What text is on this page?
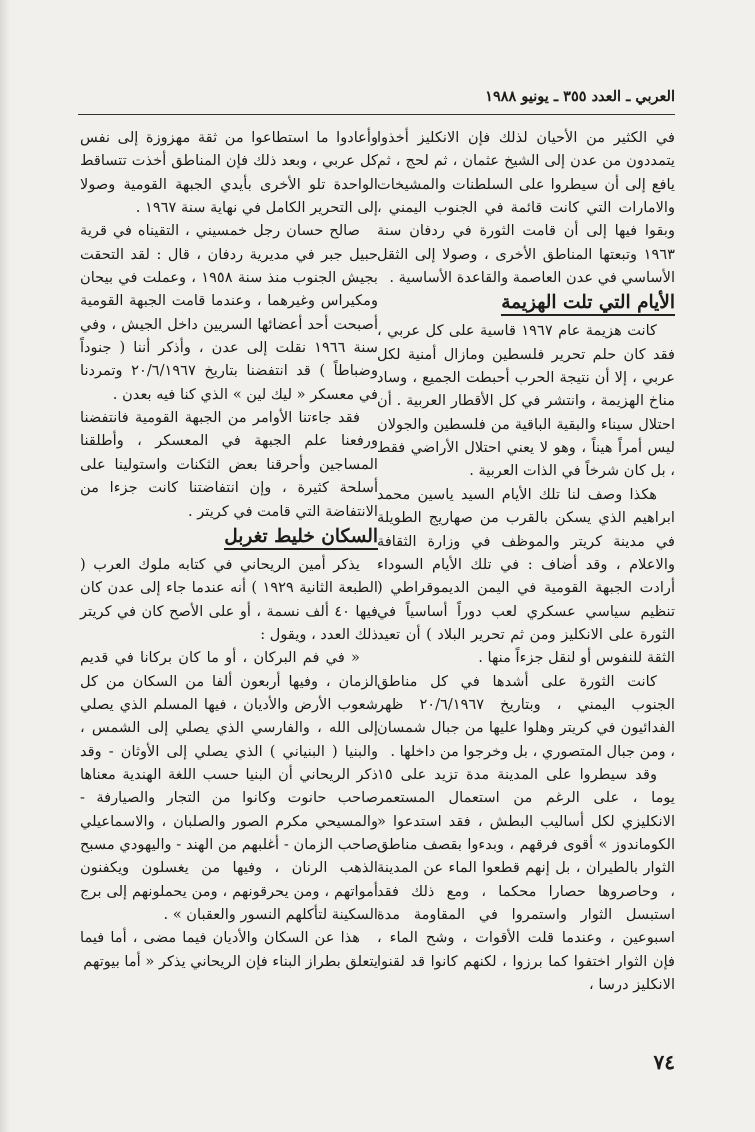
العربي ـ العدد ٣٥٥ ـ يونيو ١٩٨٨

في الكثير من الأحيان لذلك فإن الانكليز أخذوا يتمددون من عدن إلى الشيخ عثمان ، ثم لحج ، ثم يافع إلى أن سيطروا على السلطنات والمشيخات والامارات التي كانت قائمة في الجنوب اليمني ، وبقوا فيها إلى أن قامت الثورة في ردفان سنة ١٩٦٣ وتبعتها المناطق الأخرى ، وصولا إلى الثقل الأساسي في عدن العاصمة والقاعدة الأساسية .

الأيام التي تلت الهزيمة

كانت هزيمة عام ١٩٦٧ قاسية على كل عربي ، فقد كان حلم تحرير فلسطين ومازال أمنية لكل عربي ، إلا أن نتيجة الحرب أحبطت الجميع ، وساد مناخ الهزيمة ، وانتشر في كل الأقطار العربية . أن احتلال سيناء والبقية الباقية من فلسطين والجولان ليس أمراً هيناً ، وهو لا يعني احتلال الأراضي فقط ، بل كان شرخاً في الذات العربية .

هكذا وصف لنا تلك الأيام السيد ياسين محمد ابراهيم الذي يسكن بالقرب من صهاريج الطويلة في مدينة كريتر والموظف في وزارة الثقافة والاعلام ، وقد أضاف : في تلك الأيام السوداء أرادت الجبهة القومية في اليمن الديموقراطي ( تنظيم سياسي عسكري لعب دوراً أساسياً في الثورة على الانكليز ومن ثم تحرير البلاد ) أن تعيد الثقة للنفوس أو لنقل جزءاً منها .

كانت الثورة على أشدها في كل مناطق الجنوب اليمني ، وبتاريخ ٢٠/٦/١٩٦٧ ظهر الفدائيون في كريتر وهلوا عليها من جبال شمسان ، ومن جبال المتصوري ، بل وخرجوا من داخلها .

وقد سيطروا على المدينة مدة تزيد على ١٥ يوما ، على الرغم من استعمال المستعمر الانكليزي لكل أساليب البطش ، فقد استدعوا « الكوماندوز » أقوى فرقهم ، وبدءوا بقصف مناطق الثوار بالطيران ، بل إنهم قطعوا الماء عن المدينة ، وحاصروها حصارا محكما ، ومع ذلك فقد استبسل الثوار واستمروا في المقاومة مدة اسبوعين ، وعندما قلت الأقوات ، وشح الماء ، فإن الثوار اختفوا كما برزوا ، لكنهم كانوا قد لقنوا الانكليز درسا ،

وأعادوا ما استطاعوا من ثقة مهزوزة إلى نفس كل عربي ، وبعد ذلك فإن المناطق أخذت تتساقط الواحدة تلو الأخرى بأيدي الجبهة القومية وصولا إلى التحرير الكامل في نهاية سنة ١٩٦٧ .

صالح حسان رجل خمسيني ، التقيناه في قرية حبيل جبر في مديرية ردفان ، قال : لقد التحقت بجيش الجنوب منذ سنة ١٩٥٨ ، وعملت في بيحان ومكيراس وغيرهما ، وعندما قامت الجبهة القومية أصبحت أحد أعضائها السريين داخل الجيش ، وفي سنة ١٩٦٦ نقلت إلى عدن ، وأذكر أننا ( جنوداً وضباطاً ) قد انتفضنا بتاريخ ٢٠/٦/١٩٦٧ وتمردنا في معسكر « ليك لين » الذي كنا فيه بعدن .

فقد جاءتنا الأوامر من الجبهة القومية فانتفضنا ورفعنا علم الجبهة في المعسكر ، وأطلقنا المساجين وأحرقنا بعض الثكنات واستولينا على أسلحة كثيرة ، وإن انتفاضتنا كانت جزءا من الانتفاضة التي قامت في كريتر .

السكان خليط تغربل

يذكر أمين الريحاني في كتابه ملوك العرب ( الطبعة الثانية ١٩٢٩ ) أنه عندما جاء إلى عدن كان فيها ٤٠ ألف نسمة ، أو على الأصح كان في كريتر ذلك العدد ، ويقول :

« في فم البركان ، أو ما كان بركانا في قديم الزمان ، وفيها أربعون ألفا من السكان من كل شعوب الأرض والأديان ، فيها المسلم الذي يصلي إلى الله ، والفارسي الذي يصلي إلى الشمس ، والبنيا ( البنياني ) الذي يصلي إلى الأوثان - وقد ذكر الريحاني أن البنيا حسب اللغة الهندية معناها صاحب حانوت وكانوا من التجار والصيارفة - والمسيحي مكرم الصور والصلبان ، والاسماعيلي صاحب الزمان - أغلبهم من الهند - واليهودي مسبح الذهب الرنان ، وفيها من يغسلون ويكفنون أمواتهم ، ومن يحرقونهم ، ومن يحملونهم إلى برج السكينة لتأكلهم النسور والعقبان » .

هذا عن السكان والأديان فيما مضى ، أما فيما يتعلق بطراز البناء فإن الريحاني يذكر « أما بيوتهم

٧٤
